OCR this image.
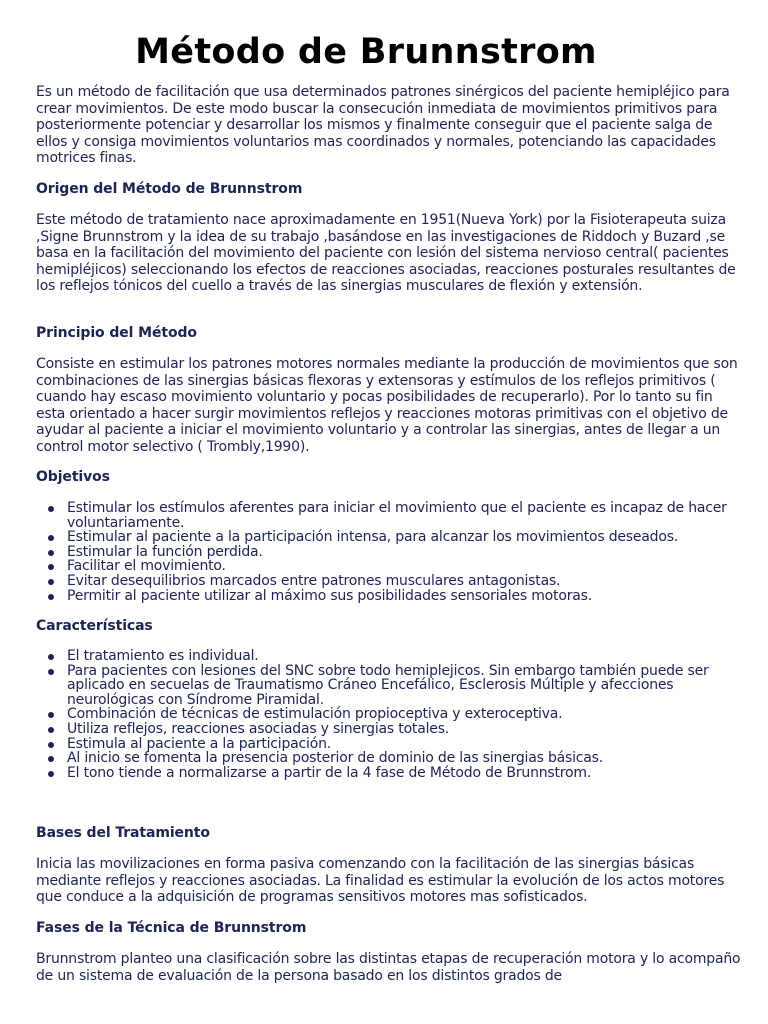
Método de Brunnstrom

Es un método de facilitación que usa determinados patrones sinérgicos del paciente hemipléjico para crear movimientos. De este modo buscar la consecución inmediata de movimientos primitivos para posteriormente potenciar y desarrollar los mismos y finalmente conseguir que el paciente salga de ellos y consiga movimientos voluntarios mas coordinados y normales, potenciando las capacidades motrices finas.

Origen del Método de Brunnstrom

Este método de tratamiento nace aproximadamente en 1951(Nueva York) por la Fisioterapeuta suiza ,Signe Brunnstrom y la idea de su trabajo ,basándose en las investigaciones de Riddoch y Buzard ,se basa en la facilitación del movimiento del paciente con lesión del sistema nervioso central( pacientes hemipléjicos) seleccionando los efectos de reacciones asociadas, reacciones posturales resultantes de los reflejos tónicos del cuello a través de las sinergias musculares de flexión y extensión.

Principio del Método

Consiste en estimular los patrones motores normales mediante la producción de movimientos que son combinaciones de las sinergias básicas flexoras y extensoras y estímulos de los reflejos primitivos ( cuando hay escaso movimiento voluntario y pocas posibilidades de recuperarlo). Por lo tanto su fin esta orientado a hacer surgir movimientos reflejos y reacciones motoras primitivas con el objetivo de ayudar al paciente a iniciar el movimiento voluntario y a controlar las sinergias, antes de llegar a un control motor selectivo ( Trombly,1990).

Objetivos
Estimular los estímulos aferentes para iniciar el movimiento que el paciente es incapaz de hacer voluntariamente.
Estimular al paciente a la participación intensa, para alcanzar los movimientos deseados.
Estimular la función perdida.
Facilitar el movimiento.
Evitar desequilibrios marcados entre patrones musculares antagonistas.
Permitir al paciente utilizar al máximo sus posibilidades sensoriales motoras.
Características
El tratamiento es individual.
Para pacientes con lesiones del SNC sobre todo hemiplejicos. Sin embargo también puede ser aplicado en secuelas de Traumatismo Cráneo Encefálico, Esclerosis Múltiple y afecciones neurológicas con Síndrome Piramidal.
Combinación de técnicas de estimulación propioceptiva y exteroceptiva.
Utiliza reflejos, reacciones asociadas y sinergias totales.
Estimula al paciente a la participación.
Al inicio se fomenta la presencia posterior de dominio de las sinergias básicas.
El tono tiende a normalizarse a partir de la 4 fase de Método de Brunnstrom.
Bases del Tratamiento

Inicia las movilizaciones en forma pasiva comenzando con la facilitación de las sinergias básicas mediante reflejos y reacciones asociadas. La finalidad es estimular la evolución de los actos motores que conduce a la adquisición de programas sensitivos motores mas sofisticados.

Fases de la Técnica de Brunnstrom

Brunnstrom planteo una clasificación sobre las distintas etapas de recuperación motora y lo acompaño de un sistema de evaluación de la persona basado en los distintos grados de
